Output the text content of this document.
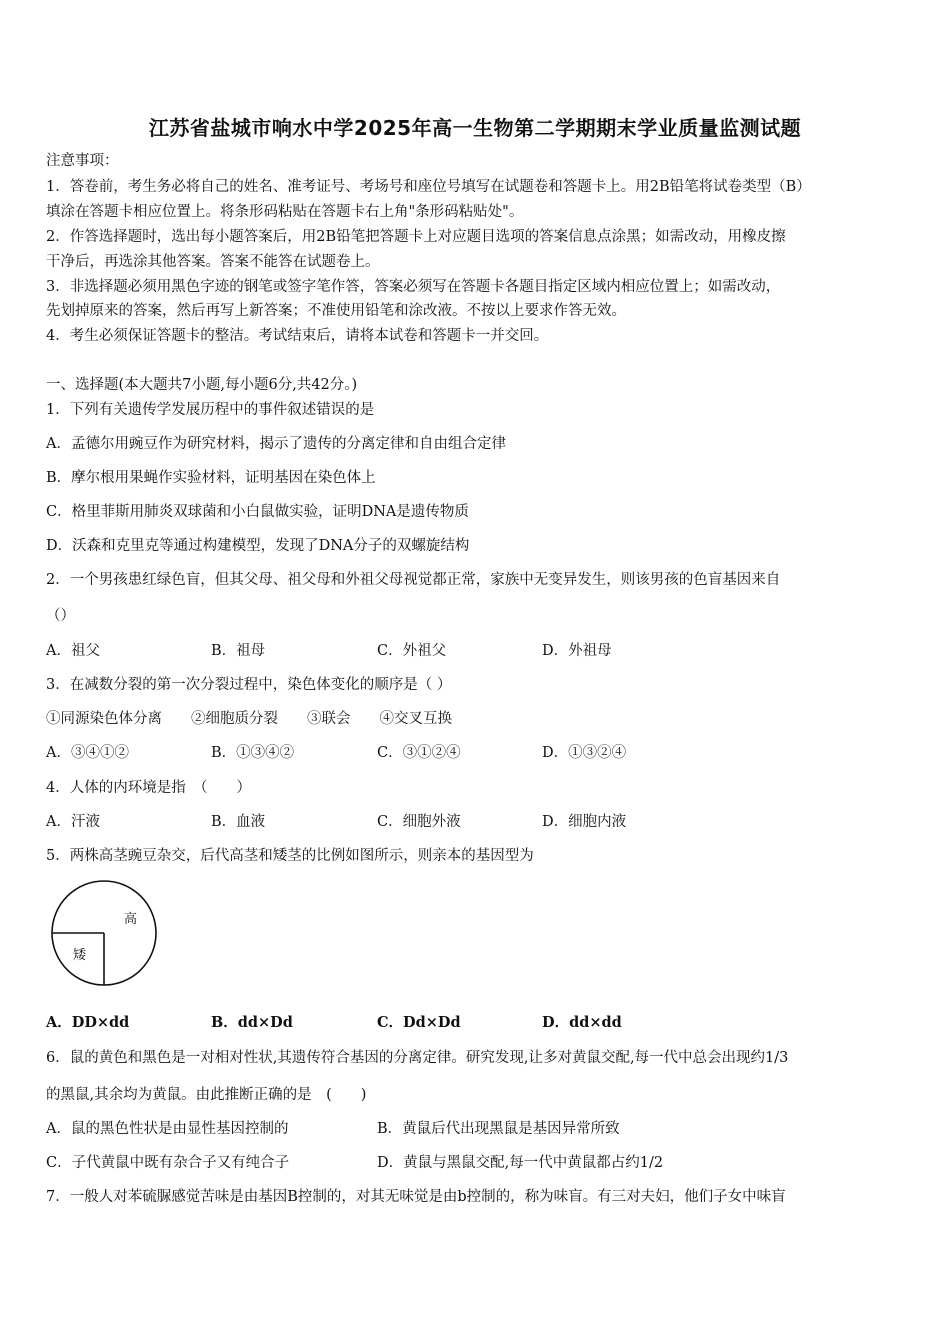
江苏省盐城市响水中学2025年高一生物第二学期期末学业质量监测试题
注意事项：
1．答卷前，考生务必将自己的姓名、准考证号、考场号和座位号填写在试题卷和答题卡上。用2B铅笔将试卷类型（B）
填涂在答题卡相应位置上。将条形码粘贴在答题卡右上角"条形码粘贴处"。
2．作答选择题时，选出每小题答案后，用2B铅笔把答题卡上对应题目选项的答案信息点涂黑；如需改动，用橡皮擦
干净后，再选涂其他答案。答案不能答在试题卷上。
3．非选择题必须用黑色字迹的钢笔或签字笔作答，答案必须写在答题卡各题目指定区域内相应位置上；如需改动，
先划掉原来的答案，然后再写上新答案；不准使用铅笔和涂改液。不按以上要求作答无效。
4．考生必须保证答题卡的整洁。考试结束后，请将本试卷和答题卡一并交回。
一、选择题(本大题共7小题,每小题6分,共42分。)
1．下列有关遗传学发展历程中的事件叙述错误的是
A．孟德尔用豌豆作为研究材料，揭示了遗传的分离定律和自由组合定律
B．摩尔根用果蝇作实验材料，证明基因在染色体上
C．格里菲斯用肺炎双球菌和小白鼠做实验，证明DNA是遗传物质
D．沃森和克里克等通过构建模型，发现了DNA分子的双螺旋结构
2．一个男孩患红绿色盲，但其父母、祖父母和外祖父母视觉都正常，家族中无变异发生，则该男孩的色盲基因来自
（）
A．祖父	B．祖母	C．外祖父	D．外祖母
3．在减数分裂的第一次分裂过程中，染色体变化的顺序是（ ）
①同源染色体分离　　②细胞质分裂　　③联会　　④交叉互换
A．③④①②	B．①③④②	C．③①②④	D．①③②④
4．人体的内环境是指　（　　）
A．汗液	B．血液	C．细胞外液	D．细胞内液
5．两株高茎豌豆杂交，后代高茎和矮茎的比例如图所示，则亲本的基因型为
高
矮
A．DD×dd	B．dd×Dd	C．Dd×Dd	D．dd×dd
6．鼠的黄色和黑色是一对相对性状,其遗传符合基因的分离定律。研究发现,让多对黄鼠交配,每一代中总会出现约1/3
的黑鼠,其余均为黄鼠。由此推断正确的是　(　　)
A．鼠的黑色性状是由显性基因控制的	B．黄鼠后代出现黑鼠是基因异常所致
C．子代黄鼠中既有杂合子又有纯合子	D．黄鼠与黑鼠交配,每一代中黄鼠都占约1/2
7．一般人对苯硫脲感觉苦味是由基因B控制的，对其无味觉是由b控制的，称为味盲。有三对夫妇，他们子女中味盲
